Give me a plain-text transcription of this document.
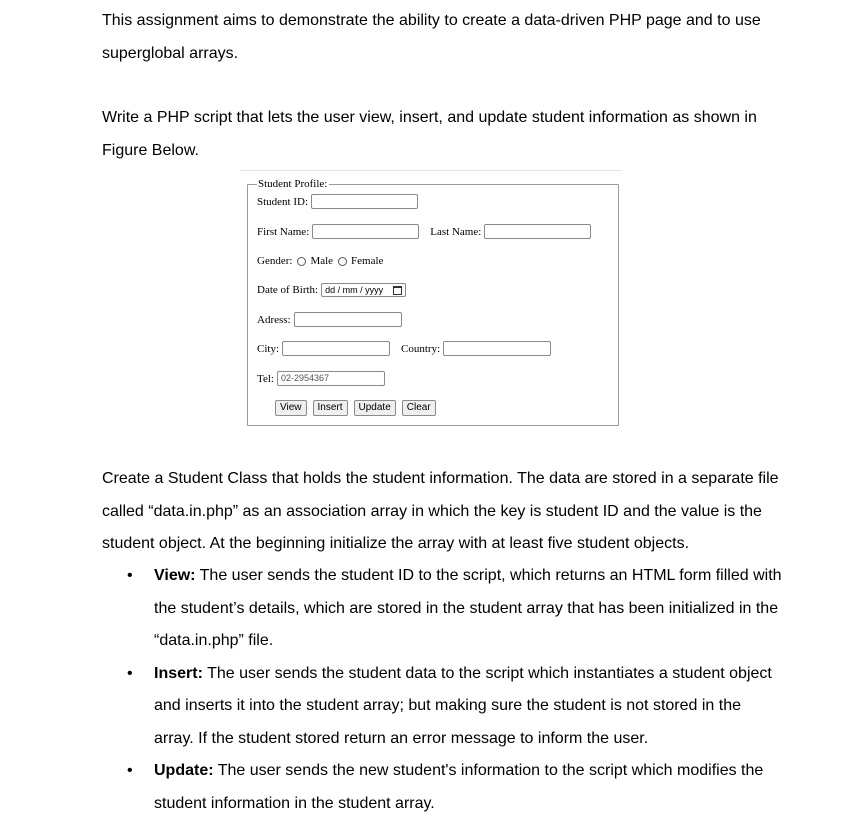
This assignment aims to demonstrate the ability to create a data-driven PHP page and to use superglobal arrays.

Write a PHP script that lets the user view, insert, and update student information as shown in Figure Below.

Student Profile:
Student ID:
First Name:	Last Name:
Gender: Male Female
Date of Birth: dd / mm / yyyy
Adress:
City:	Country:
Tel: 02-2954367
View	Insert	Update	Clear

Create a Student Class that holds the student information. The data are stored in a separate file called “data.in.php” as an association array in which the key is student ID and the value is the student object. At the beginning initialize the array with at least five student objects.

• View: The user sends the student ID to the script, which returns an HTML form filled with the student’s details, which are stored in the student array that has been initialized in the “data.in.php” file.
• Insert: The user sends the student data to the script which instantiates a student object and inserts it into the student array; but making sure the student is not stored in the array. If the student stored return an error message to inform the user.
• Update: The user sends the new student's information to the script which modifies the student information in the student array.
